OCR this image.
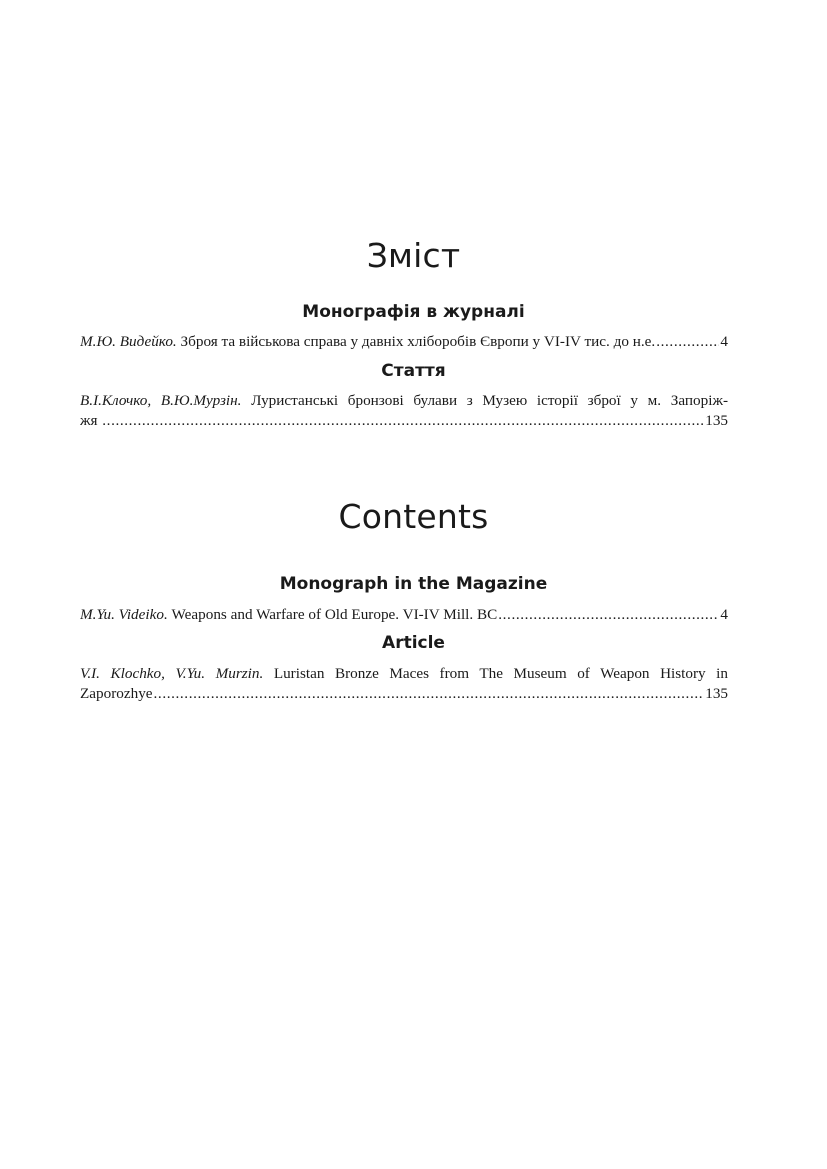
Зміст
Монографія в журналі
М.Ю. Видейко.
Зброя та військова справа у давніх хліборобів Європи у VI-IV тис. до н.е. .....	4
Стаття
В.І.Клочко, В.Ю.Мурзін. Луристанські бронзові булави з Музею історії зброї у м. Запоріж-
жя
.....	135
Contents
Monograph in the Magazine
M.Yu. Videiko.
Weapons and Warfare of Old Europe. VI-IV Mill. BC .....	4
Article
V.I. Klochko, V.Yu. Murzin. Luristan Bronze Maces from The Museum of Weapon History in
Zaporozhye .....	135
